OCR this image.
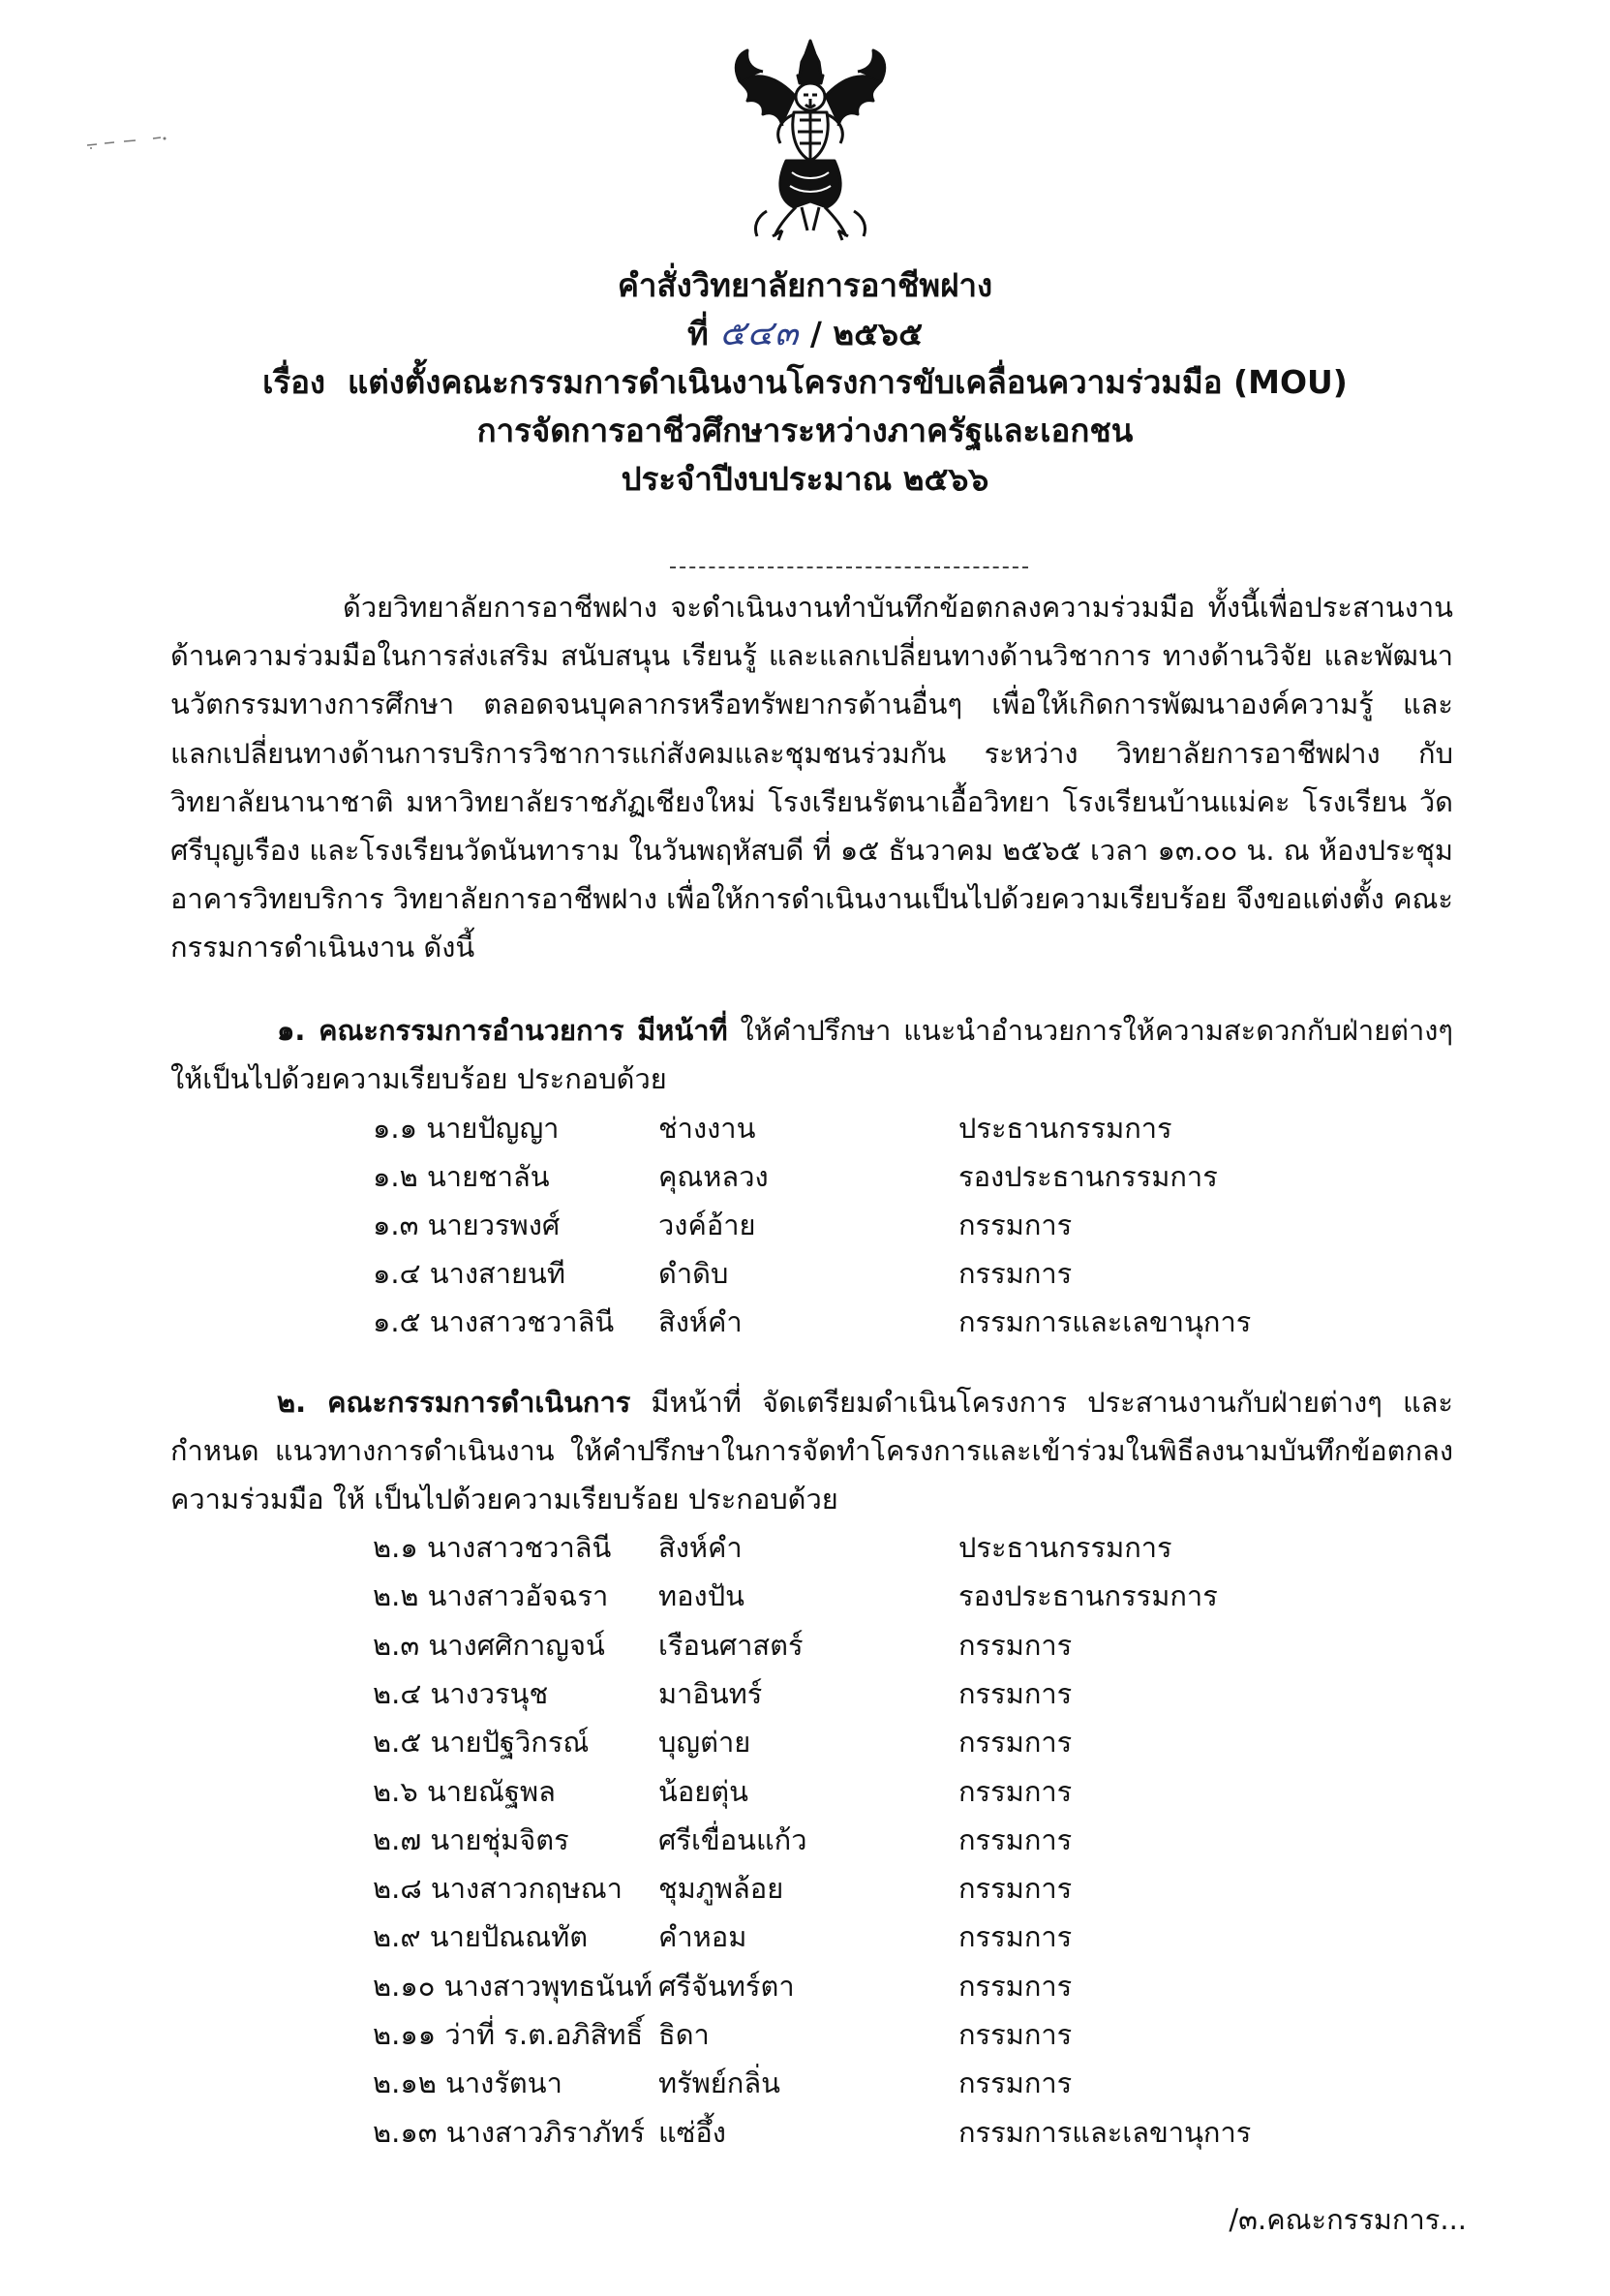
คำสั่งวิทยาลัยการอาชีพฝาง
ที่ ๕๔๓ / ๒๕๖๕
เรื่อง แต่งตั้งคณะกรรมการดำเนินงานโครงการขับเคลื่อนความร่วมมือ (MOU)
การจัดการอาชีวศึกษาระหว่างภาครัฐและเอกชน
ประจำปีงบประมาณ ๒๕๖๖
ด้วยวิทยาลัยการอาชีพฝาง จะดำเนินงานทำบันทึกข้อตกลงความร่วมมือ ทั้งนี้เพื่อประสานงาน ด้านความร่วมมือในการส่งเสริม สนับสนุน เรียนรู้ และแลกเปลี่ยนทางด้านวิชาการ ทางด้านวิจัย และพัฒนา นวัตกรรมทางการศึกษา ตลอดจนบุคลากรหรือทรัพยากรด้านอื่นๆ เพื่อให้เกิดการพัฒนาองค์ความรู้ และ แลกเปลี่ยนทางด้านการบริการวิชาการแก่สังคมและชุมชนร่วมกัน ระหว่าง วิทยาลัยการอาชีพฝาง กับ วิทยาลัยนานาชาติ มหาวิทยาลัยราชภัฏเชียงใหม่ โรงเรียนรัตนาเอื้อวิทยา โรงเรียนบ้านแม่คะ โรงเรียน วัดศรีบุญเรือง และโรงเรียนวัดนันทาราม ในวันพฤหัสบดี ที่ ๑๕ ธันวาคม ๒๕๖๕ เวลา ๑๓.๐๐ น. ณ ห้องประชุม อาคารวิทยบริการ วิทยาลัยการอาชีพฝาง เพื่อให้การดำเนินงานเป็นไปด้วยความเรียบร้อย จึงขอแต่งตั้ง คณะกรรมการดำเนินงาน ดังนี้
๑. คณะกรรมการอำนวยการ มีหน้าที่ ให้คำปรึกษา แนะนำอำนวยการให้ความสะดวกกับฝ่ายต่างๆ ให้เป็นไปด้วยความเรียบร้อย ประกอบด้วย
๑.๑ นายปัญญา	ช่างงาน	ประธานกรรมการ
๑.๒ นายชาลัน	คุณหลวง	รองประธานกรรมการ
๑.๓ นายวรพงศ์	วงค์อ้าย	กรรมการ
๑.๔ นางสายนที	ดำดิบ	กรรมการ
๑.๕ นางสาวชวาลินี สิงห์คำ	กรรมการและเลขานุการ
๒. คณะกรรมการดำเนินการ มีหน้าที่ จัดเตรียมดำเนินโครงการ ประสานงานกับฝ่ายต่างๆ และกำหนด แนวทางการดำเนินงาน ให้คำปรึกษาในการจัดทำโครงการและเข้าร่วมในพิธีลงนามบันทึกข้อตกลงความร่วมมือ ให้ เป็นไปด้วยความเรียบร้อย ประกอบด้วย
๒.๑ นางสาวชวาลินี สิงห์คำ	ประธานกรรมการ
๒.๒ นางสาวอัจฉรา ทองปัน	รองประธานกรรมการ
๒.๓ นางศศิกาญจน์ เรือนศาสตร์	กรรมการ
๒.๔ นางวรนุช	มาอินทร์	กรรมการ
๒.๕ นายปัฐวิกรณ์ บุญต่าย	กรรมการ
๒.๖ นายณัฐพล	น้อยตุ่น	กรรมการ
๒.๗ นายชุ่มจิตร	ศรีเขื่อนแก้ว	กรรมการ
๒.๘ นางสาวกฤษณา ชุมภูพล้อย	กรรมการ
๒.๙ นายปัณณทัต	คำหอม	กรรมการ
๒.๑๐ นางสาวพุทธนันท์ ศรีจันทร์ตา	กรรมการ
๒.๑๑ ว่าที่ ร.ต.อภิสิทธิ์ ธิดา	กรรมการ
๒.๑๒ นางรัตนา	ทรัพย์กลิ่น	กรรมการ
๒.๑๓ นางสาวภิราภัทร์ แซ่อึ้ง	กรรมการและเลขานุการ
/๓.คณะกรรมการ...
